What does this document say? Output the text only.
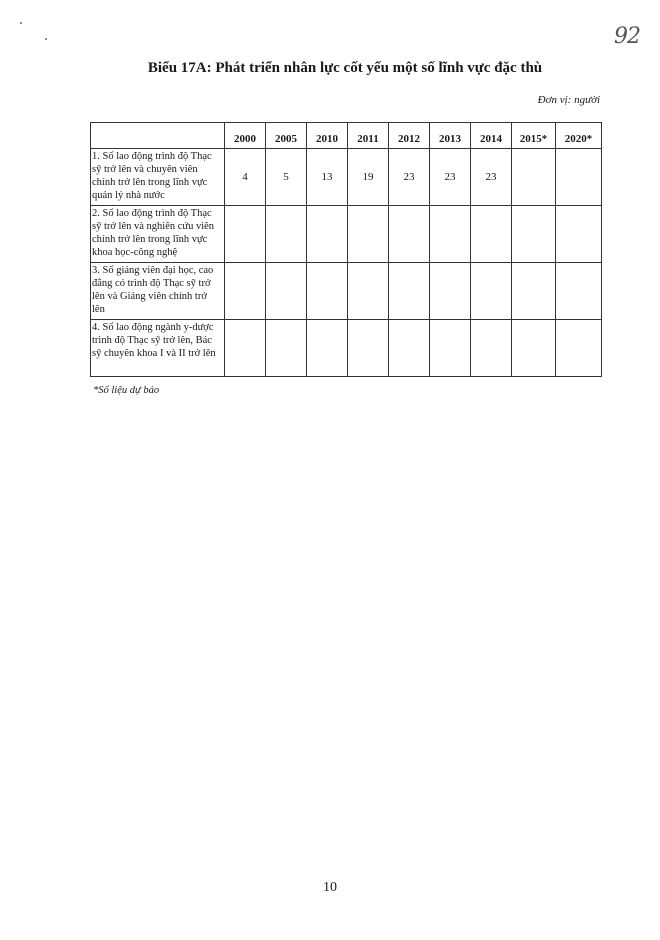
92
Biểu 17A: Phát triển nhân lực cốt yếu một số lĩnh vực đặc thù
Đơn vị: người
	2000	2005	2010	2011	2012	2013	2014	2015*	2020*
1. Số lao động trình độ Thạc sỹ trở lên và chuyên viên chính trở lên trong lĩnh vực quản lý nhà nước	4	5	13	19	23	23	23		
2. Số lao động trình độ Thạc sỹ trở lên và nghiên cứu viên chính trở lên trong lĩnh vực khoa học-công nghệ									
3. Số giảng viên đại học, cao đẳng có trình độ Thạc sỹ trở lên và Giảng viên chính trở lên									
4. Số lao động ngành y-dược trình độ Thạc sỹ trở lên, Bác sỹ chuyên khoa I và II trở lên									
*Số liệu dự báo
10
